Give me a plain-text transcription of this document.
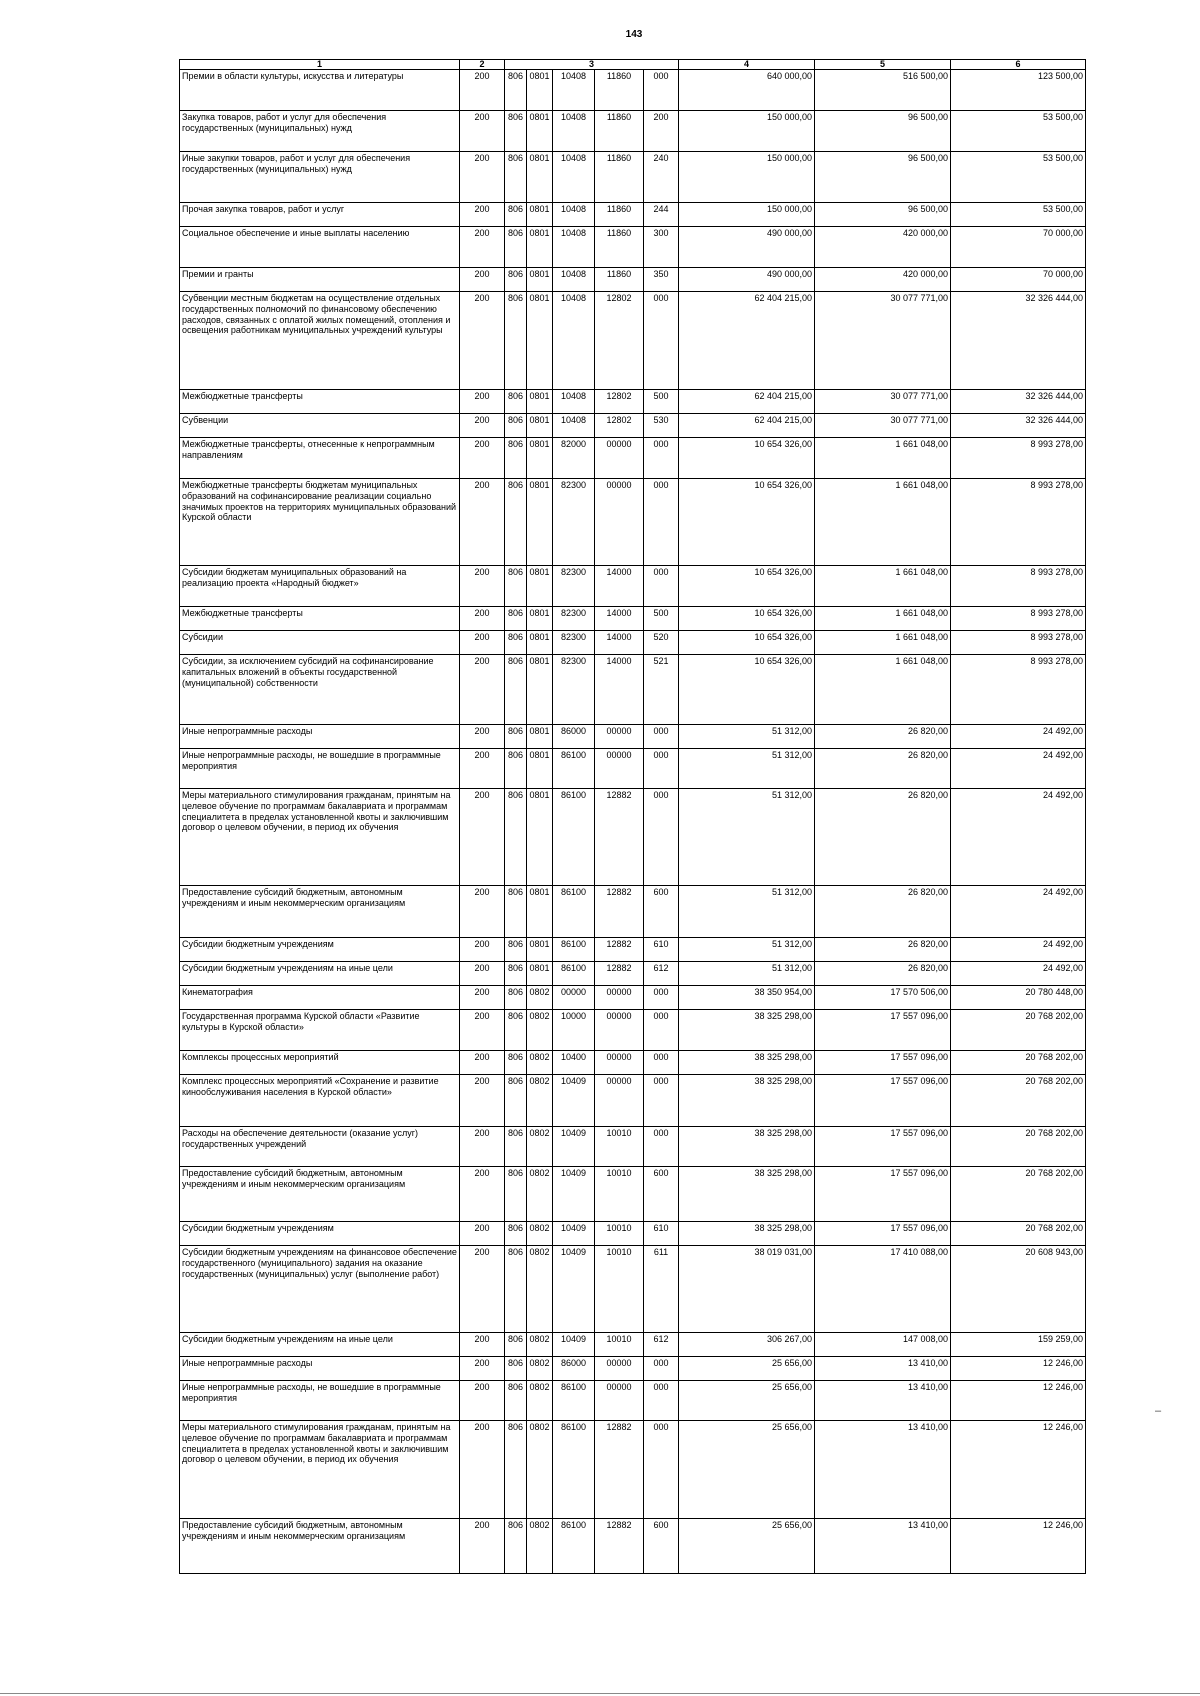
143
1	2	3					4	5	6
Премии в области культуры, искусства и литературы	200	806	0801	10408	11860	000	640 000,00	516 500,00	123 500,00
Закупка товаров, работ и услуг для обеспечения государственных (муниципальных) нужд	200	806	0801	10408	11860	200	150 000,00	96 500,00	53 500,00
Иные закупки товаров, работ и услуг для обеспечения государственных (муниципальных) нужд	200	806	0801	10408	11860	240	150 000,00	96 500,00	53 500,00
Прочая закупка товаров, работ и услуг	200	806	0801	10408	11860	244	150 000,00	96 500,00	53 500,00
Социальное обеспечение и иные выплаты населению	200	806	0801	10408	11860	300	490 000,00	420 000,00	70 000,00
Премии и гранты	200	806	0801	10408	11860	350	490 000,00	420 000,00	70 000,00
Субвенции местным бюджетам на осуществление отдельных государственных полномочий по финансовому обеспечению расходов, связанных с оплатой жилых помещений, отопления и освещения работникам муниципальных учреждений культуры	200	806	0801	10408	12802	000	62 404 215,00	30 077 771,00	32 326 444,00
Межбюджетные трансферты	200	806	0801	10408	12802	500	62 404 215,00	30 077 771,00	32 326 444,00
Субвенции	200	806	0801	10408	12802	530	62 404 215,00	30 077 771,00	32 326 444,00
Межбюджетные трансферты, отнесенные к непрограммным направлениям	200	806	0801	82000	00000	000	10 654 326,00	1 661 048,00	8 993 278,00
Межбюджетные трансферты бюджетам муниципальных образований на софинансирование реализации социально значимых проектов на территориях муниципальных образований Курской области	200	806	0801	82300	00000	000	10 654 326,00	1 661 048,00	8 993 278,00
Субсидии бюджетам муниципальных образований на реализацию проекта «Народный бюджет»	200	806	0801	82300	14000	000	10 654 326,00	1 661 048,00	8 993 278,00
Межбюджетные трансферты	200	806	0801	82300	14000	500	10 654 326,00	1 661 048,00	8 993 278,00
Субсидии	200	806	0801	82300	14000	520	10 654 326,00	1 661 048,00	8 993 278,00
Субсидии, за исключением субсидий на софинансирование капитальных вложений в объекты государственной (муниципальной) собственности	200	806	0801	82300	14000	521	10 654 326,00	1 661 048,00	8 993 278,00
Иные непрограммные расходы	200	806	0801	86000	00000	000	51 312,00	26 820,00	24 492,00
Иные непрограммные расходы, не вошедшие в программные мероприятия	200	806	0801	86100	00000	000	51 312,00	26 820,00	24 492,00
Меры материального стимулирования гражданам, принятым на целевое обучение по программам бакалавриата и программам специалитета в пределах установленной квоты и заключившим договор о целевом обучении, в период их обучения	200	806	0801	86100	12882	000	51 312,00	26 820,00	24 492,00
Предоставление субсидий бюджетным, автономным учреждениям и иным некоммерческим организациям	200	806	0801	86100	12882	600	51 312,00	26 820,00	24 492,00
Субсидии бюджетным учреждениям	200	806	0801	86100	12882	610	51 312,00	26 820,00	24 492,00
Субсидии бюджетным учреждениям на иные цели	200	806	0801	86100	12882	612	51 312,00	26 820,00	24 492,00
Кинематография	200	806	0802	00000	00000	000	38 350 954,00	17 570 506,00	20 780 448,00
Государственная программа Курской области «Развитие культуры в Курской области»	200	806	0802	10000	00000	000	38 325 298,00	17 557 096,00	20 768 202,00
Комплексы процессных мероприятий	200	806	0802	10400	00000	000	38 325 298,00	17 557 096,00	20 768 202,00
Комплекс процессных мероприятий «Сохранение и развитие кинообслуживания населения в Курской области»	200	806	0802	10409	00000	000	38 325 298,00	17 557 096,00	20 768 202,00
Расходы на обеспечение деятельности (оказание услуг) государственных учреждений	200	806	0802	10409	10010	000	38 325 298,00	17 557 096,00	20 768 202,00
Предоставление субсидий бюджетным, автономным учреждениям и иным некоммерческим организациям	200	806	0802	10409	10010	600	38 325 298,00	17 557 096,00	20 768 202,00
Субсидии бюджетным учреждениям	200	806	0802	10409	10010	610	38 325 298,00	17 557 096,00	20 768 202,00
Субсидии бюджетным учреждениям на финансовое обеспечение государственного (муниципального) задания на оказание государственных (муниципальных) услуг (выполнение работ)	200	806	0802	10409	10010	611	38 019 031,00	17 410 088,00	20 608 943,00
Субсидии бюджетным учреждениям на иные цели	200	806	0802	10409	10010	612	306 267,00	147 008,00	159 259,00
Иные непрограммные расходы	200	806	0802	86000	00000	000	25 656,00	13 410,00	12 246,00
Иные непрограммные расходы, не вошедшие в программные мероприятия	200	806	0802	86100	00000	000	25 656,00	13 410,00	12 246,00
Меры материального стимулирования гражданам, принятым на целевое обучение по программам бакалавриата и программам специалитета в пределах установленной квоты и заключившим договор о целевом обучении, в период их обучения	200	806	0802	86100	12882	000	25 656,00	13 410,00	12 246,00
Предоставление субсидий бюджетным, автономным учреждениям и иным некоммерческим организациям	200	806	0802	86100	12882	600	25 656,00	13 410,00	12 246,00
‒
